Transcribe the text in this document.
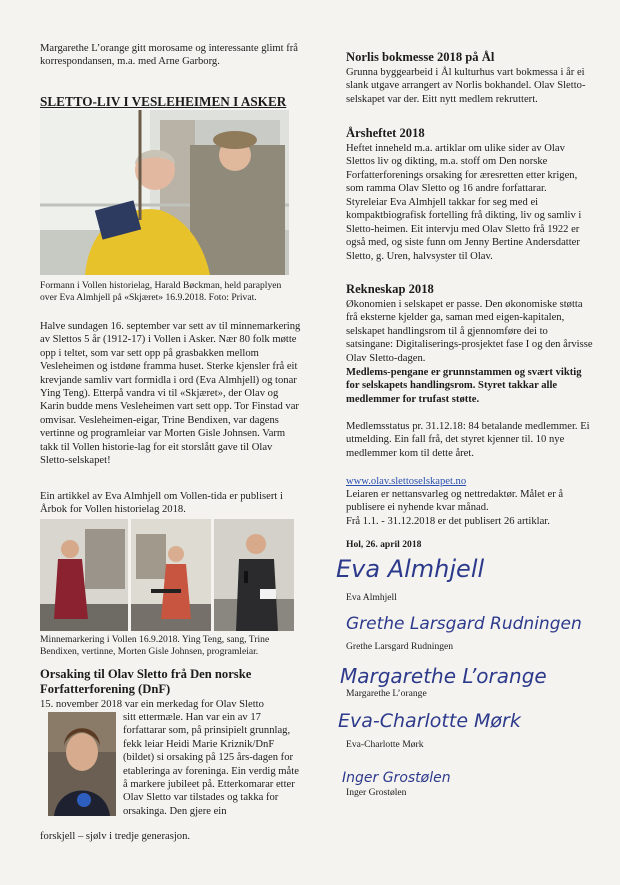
Margarethe L’orange gitt morosame og interessante glimt frå korrespondansen, m.a. med Arne Garborg.

SLETTO-LIV I VESLEHEIMEN I ASKER

Formann i Vollen historielag, Harald Bøckman, held paraplyen over Eva Almhjell på «Skjæret» 16.9.2018. Foto: Privat.

Halve sundagen 16. september var sett av til minnemarkering av Slettos 5 år (1912-17) i Vollen i Asker. Nær 80 folk møtte opp i teltet, som var sett opp på grasbakken mellom Vesleheimen og istdøne framma huset. Sterke kjensler frå eit krevjande samliv vart formidla i ord (Eva Almhjell) og tonar Ying Teng). Etterpå vandra vi til «Skjæret», der Olav og Karin budde mens Vesleheimen vart sett opp. Tor Finstad var omvisar. Vesleheimen-eigar, Trine Bendixen, var dagens vertinne og programleiar var Morten Gisle Johnsen. Varm takk til Vollen historie-lag for eit storslått gave til Olav Sletto-selskapet!

Ein artikkel av Eva Almhjell om Vollen-tida er publisert i Årbok for Vollen historielag 2018.

Minnemarkering i Vollen 16.9.2018. Ying Teng, sang, Trine Bendixen, vertinne, Morten Gisle Johnsen, programleiar.

Orsaking til Olav Sletto frå Den norske Forfatterforening (DnF)

15. november 2018 var ein merkedag for Olav Sletto

sitt ettermæle. Han var ein av 17 forfattarar som, på prinsipielt grunnlag, fekk leiar Heidi Marie Kriznik/DnF (bildet) si orsaking på 125 års-dagen for etableringa av foreninga. Ein verdig måte å markere jubileet på. Etterkomarar etter Olav Sletto var tilstades og takka for orsakinga. Den gjere ein

forskjell – sjølv i tredje generasjon.

Norlis bokmesse 2018 på Ål

Grunna byggearbeid i Ål kulturhus vart bokmessa i år ei slank utgave arrangert av Norlis bokhandel. Olav Sletto-selskapet var der. Eitt nytt medlem rekruttert.

Årsheftet 2018

Heftet inneheld m.a. artiklar om ulike sider av Olav Slettos liv og dikting, m.a. stoff om Den norske Forfatterforenings orsaking for æresretten etter krigen, som ramma Olav Sletto og 16 andre forfattarar.

Styreleiar Eva Almhjell takkar for seg med ei kompaktbiografisk fortelling frå dikting, liv og samliv i Sletto-heimen. Eit intervju med Olav Sletto frå 1922 er også med, og siste funn om Jenny Bertine Andersdatter Sletto, g. Uren, halvsyster til Olav.

Rekneskap 2018

Økonomien i selskapet er passe. Den økonomiske støtta frå eksterne kjelder ga, saman med eigen-kapitalen, selskapet handlingsrom til å gjennomføre dei to satsingane: Digitaliserings-prosjektet fase I og den årvisse Olav Sletto-dagen.

Medlems-pengane er grunnstammen og svært viktig for selskapets handlingsrom. Styret takkar alle medlemmer for trufast støtte.

Medlemsstatus pr. 31.12.18: 84 betalande medlemmer. Ei utmelding. Ein fall frå, det styret kjenner til. 10 nye medlemmer kom til dette året.

www.olav.slettoselskapet.no

Leiaren er nettansvarleg og nettredaktør. Målet er å publisere ei nyhende kvar månad.

Frå 1.1. - 31.12.2018 er det publisert 26 artiklar.

Hol, 26. april 2018

Eva Almhjell
Eva Almhjell
Grethe Larsgard Rudningen
Grethe Larsgard Rudningen
Margarethe L’orange
Margarethe L’orange
Eva-Charlotte Mørk
Eva-Charlotte Mørk
Inger Grostølen
Inger Grostølen
